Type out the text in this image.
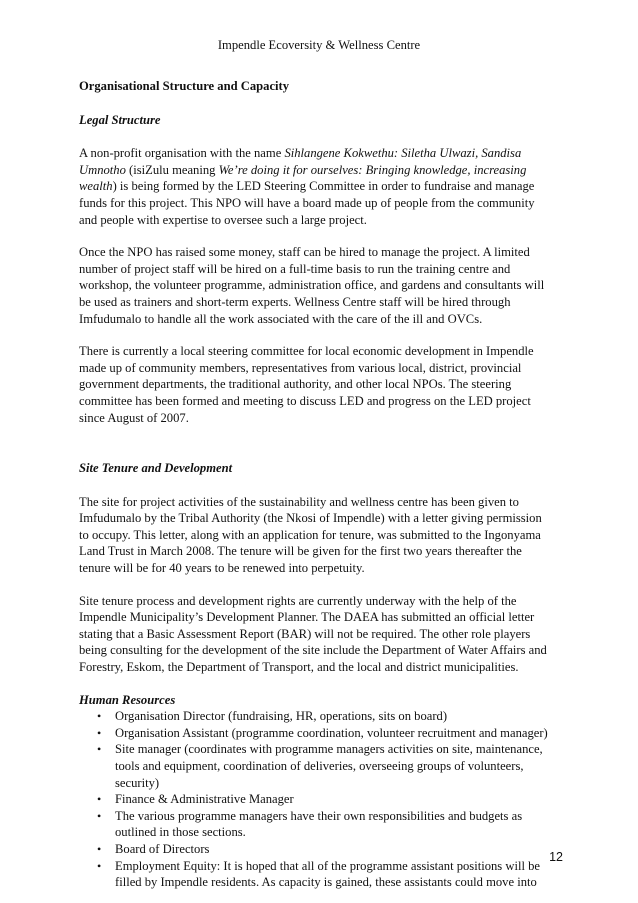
Impendle Ecoversity & Wellness Centre

Organisational Structure and Capacity

Legal Structure

A non-profit organisation with the name Sihlangene Kokwethu: Siletha Ulwazi, Sandisa Umnotho (isiZulu meaning We’re doing it for ourselves: Bringing knowledge, increasing wealth) is being formed by the LED Steering Committee in order to fundraise and manage funds for this project. This NPO will have a board made up of people from the community and people with expertise to oversee such a large project.

Once the NPO has raised some money, staff can be hired to manage the project. A limited number of project staff will be hired on a full-time basis to run the training centre and workshop, the volunteer programme, administration office, and gardens and consultants will be used as trainers and short-term experts. Wellness Centre staff will be hired through Imfudumalo to handle all the work associated with the care of the ill and OVCs.

There is currently a local steering committee for local economic development in Impendle made up of community members, representatives from various local, district, provincial government departments, the traditional authority, and other local NPOs. The steering committee has been formed and meeting to discuss LED and progress on the LED project since August of 2007.

Site Tenure and Development

The site for project activities of the sustainability and wellness centre has been given to Imfudumalo by the Tribal Authority (the Nkosi of Impendle) with a letter giving permission to occupy. This letter, along with an application for tenure, was submitted to the Ingonyama Land Trust in March 2008. The tenure will be given for the first two years thereafter the tenure will be for 40 years to be renewed into perpetuity.

Site tenure process and development rights are currently underway with the help of the Impendle Municipality’s Development Planner. The DAEA has submitted an official letter stating that a Basic Assessment Report (BAR) will not be required. The other role players being consulting for the development of the site include the Department of Water Affairs and Forestry, Eskom, the Department of Transport, and the local and district municipalities.

Human Resources

• Organisation Director (fundraising, HR, operations, sits on board)
• Organisation Assistant (programme coordination, volunteer recruitment and manager)
• Site manager (coordinates with programme managers activities on site, maintenance, tools and equipment, coordination of deliveries, overseeing groups of volunteers, security)
• Finance & Administrative Manager
• The various programme managers have their own responsibilities and budgets as outlined in those sections.
• Board of Directors
• Employment Equity: It is hoped that all of the programme assistant positions will be filled by Impendle residents. As capacity is gained, these assistants could move into
12
